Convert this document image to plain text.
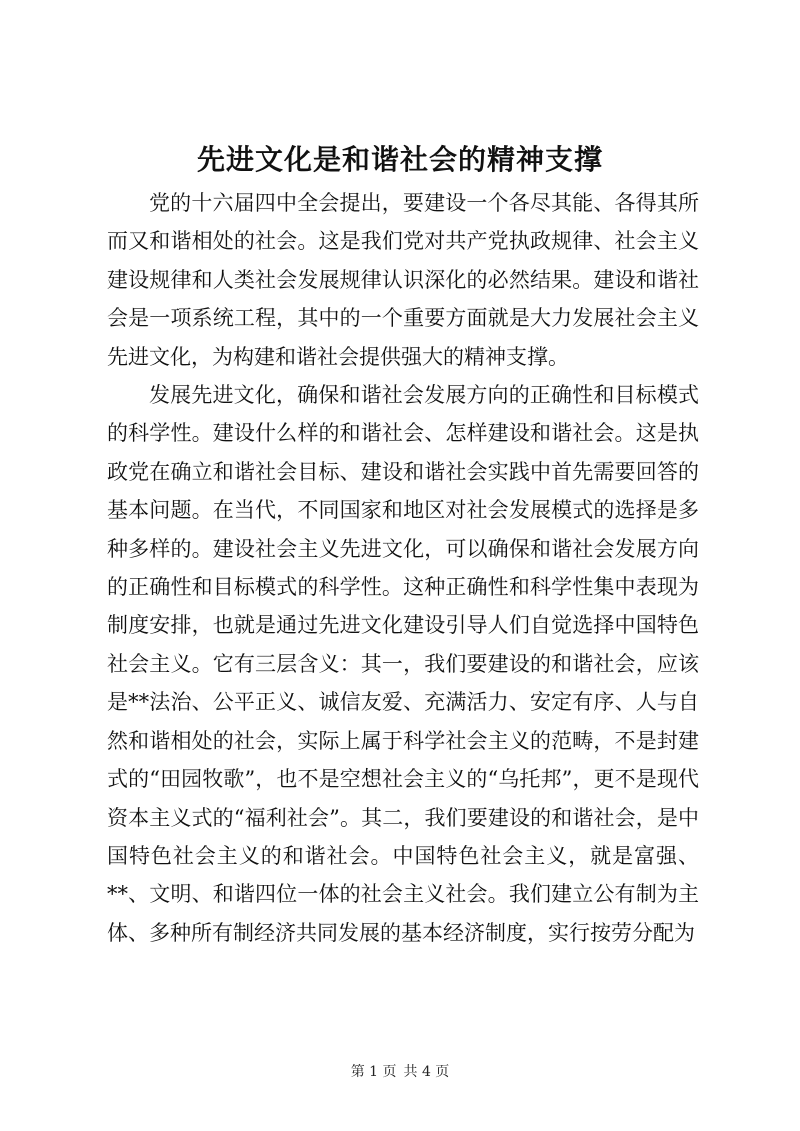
先进文化是和谐社会的精神支撑

党的十六届四中全会提出，要建设一个各尽其能、各得其所而又和谐相处的社会。这是我们党对共产党执政规律、社会主义建设规律和人类社会发展规律认识深化的必然结果。建设和谐社会是一项系统工程，其中的一个重要方面就是大力发展社会主义先进文化，为构建和谐社会提供强大的精神支撑。

发展先进文化，确保和谐社会发展方向的正确性和目标模式的科学性。建设什么样的和谐社会、怎样建设和谐社会。这是执政党在确立和谐社会目标、建设和谐社会实践中首先需要回答的基本问题。在当代，不同国家和地区对社会发展模式的选择是多种多样的。建设社会主义先进文化，可以确保和谐社会发展方向的正确性和目标模式的科学性。这种正确性和科学性集中表现为制度安排，也就是通过先进文化建设引导人们自觉选择中国特色社会主义。它有三层含义：其一，我们要建设的和谐社会，应该是**法治、公平正义、诚信友爱、充满活力、安定有序、人与自然和谐相处的社会，实际上属于科学社会主义的范畴，不是封建式的“田园牧歌”，也不是空想社会主义的“乌托邦”，更不是现代资本主义式的“福利社会”。其二，我们要建设的和谐社会，是中国特色社会主义的和谐社会。中国特色社会主义，就是富强、**、文明、和谐四位一体的社会主义社会。我们建立公有制为主体、多种所有制经济共同发展的基本经济制度，实行按劳分配为

第 1 页 共 4 页
